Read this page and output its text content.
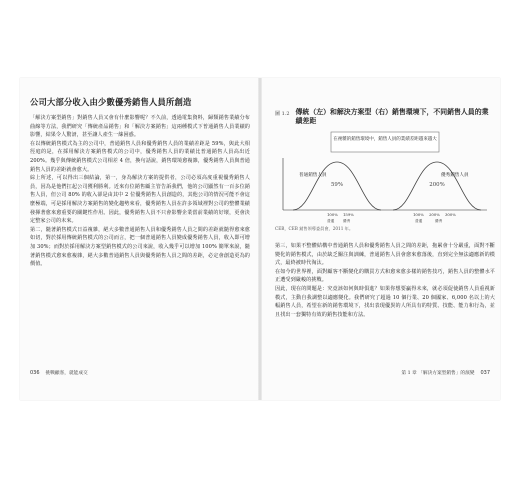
公司大部分收入由少數優秀銷售人員所創造

「解決方案型銷售」對銷售人員又會有什麼影響呢？不久前，透過電集資料，歸類銷售業績分布曲線等方法，我們研究「傳統產品銷售」和「解決方案銷售」這兩種模式下普通銷售人員業績的影響，結果令人驚訝，甚至讓人產生一絲困惑。

在以傳統銷售模式為主的公司中，普通銷售人員和優秀銷售人員的業績差距是 59%，與此大相徑庭的是，在採用解決方案銷售模式的公司中，優秀銷售人員的業績比普通銷售人員高出近 200%。幾乎與傳統銷售模式公司相差 4 倍，換句話說，銷售環境愈複雜，優秀銷售人員與普通銷售人員的差距就會愈大。

綜上所述，可以得出三個結論，第一，身為解決方案的提供者，公司必須高度重視優秀銷售人員，因為是他們扛起公司獲利勝利。近來有位銷售顧主管告訴我們，他的公司顯然有一百多位銷售人員，但公司 80% 的收入卻是由其中 2 位優秀銷售人員創造的，其他公司的情況可能不會這麼極端，可是採用解決方案銷售的變化趨勢來看，優秀銷售人員在許多領域裡對公司的整體業績發揮著愈來愈重要的關鍵性作用。因此，優秀銷售人員不只會影響企業當前業績的好壞，更會決定整家公司的未來。

第二，隨著銷售模式日益複雜，絕大多數普通銷售人員和優秀銷售人員之間的差距就隨得愈來愈如切，對於採用傳統銷售模式的公司而言，把一個普通銷售人員變成優秀銷售人員，收入即可增加 30%；而對於採用解決方案型銷售模式的公司來說，收入幾乎可以增加 100% 簡單來說，隨著銷售模式愈來愈複雜，絕大多數普通銷售人員與優秀銷售人員之間的差距，必定會創造更為的價值。

圖 1.2 傳統（左）和解決方案型（右）銷售環境下，不同銷售人員的業績差距
在複雜的銷售環境中，銷售人員的業績差距越來越大
普通銷售人員	優秀銷售人員
59%	200%
100% 159%	100% 200% 300%
普通 優秀	普通	優秀
CEB，CEB 銷售領導委員會，2011 年。

第三，如果不整體結構中普通銷售人員和優秀銷售人員之間的差距，拖累會十分嚴重，面對不斷變化的銷售模式，由於缺乏關注與訓練，普通銷售人員會愈來愈落後，直到完全無法適應新的模式，最終被時代淘汰。

在如今的世界裡，面對顧客不斷變化的購買方式和愈來愈多樣的銷售技巧，銷售人員的整體水平正遭受到嚴峻的挑戰。

因此，現在的問題是：究竟該如何與時俱進？如果你想要贏得未來，就必須促使銷售人員重視新模式，主動自我調整以適應變化。我們研究了超過 10 個行業、20 個國家、6,000 名以上的大幅銷售人員，希望在新的銷售環境下，找出表現優異的人所具有的特質、技能、能力和行為，並且找出一套獨特有效的銷售技能和方法。

036 挑戰顧客，就能成交	第 1 章 「解決方案型銷售」的演變 037
